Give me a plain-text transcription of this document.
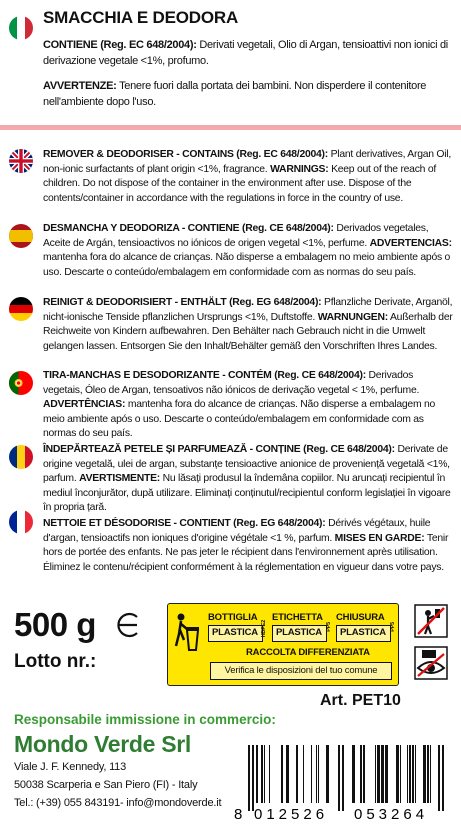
SMACCHIA E DEODORA
CONTIENE (Reg. EC 648/2004): Derivati vegetali, Olio di Argan, tensioattivi non ionici di derivazione vegetale <1%, profumo.
AVVERTENZE: Tenere fuori dalla portata dei bambini. Non disperdere il contenitore nell'ambiente dopo l'uso.
REMOVER & DEODORISER - CONTAINS (Reg. EC 648/2004): Plant derivatives, Argan Oil, non-ionic surfactants of plant origin <1%, fragrance. WARNINGS: Keep out of the reach of children. Do not dispose of the container in the environment after use. Dispose of the contents/container in accordance with the regulations in force in the country of use.
DESMANCHA Y DEODORIZA - CONTIENE (Reg. CE 648/2004): Derivados vegetales, Aceite de Argán, tensioactivos no iónicos de origen vegetal <1%, perfume. ADVERTENCIAS: mantenha fora do alcance de crianças. Não disperse a embalagem no meio ambiente após o uso. Descarte o conteúdo/embalagem em conformidade com as normas do seu país.
REINIGT & DEODORISIERT - ENTHÄLT (Reg. EG 648/2004): Pflanzliche Derivate, Arganöl, nicht-ionische Tenside pflanzlichen Ursprungs <1%, Duftstoffe. WARNUNGEN: Außerhalb der Reichweite von Kindern aufbewahren. Den Behälter nach Gebrauch nicht in die Umwelt gelangen lassen. Entsorgen Sie den Inhalt/Behälter gemäß den Vorschriften Ihres Landes.
TIRA-MANCHAS E DESODORIZANTE - CONTÉM (Reg. CE 648/2004): Derivados vegetais, Óleo de Argan, tensoativos não iónicos de derivação vegetal < 1%, perfume. ADVERTÊNCIAS: mantenha fora do alcance de crianças. Não disperse a embalagem no meio ambiente após o uso. Descarte o conteúdo/embalagem em conformidade com as normas do seu país.
ÎNDEPĂRTEAZĂ PETELE ȘI PARFUMEAZĂ - CONȚINE (Reg. CE 648/2004): Derivate de origine vegetală, ulei de argan, substanțe tensioactive anionice de proveniență vegetală <1%, parfum. AVERTISMENTE: Nu lăsați produsul la îndemâna copiilor. Nu aruncați recipientul în mediul înconjurător, după utilizare. Eliminați conținutul/recipientul conform legislației în vigoare în propria țară.
NETTOIE ET DÉSODORISE - CONTIENT (Reg. EG 648/2004): Dérivés végétaux, huile d'argan, tensioactifs non ioniques d'origine végétale <1 %, parfum. MISES EN GARDE: Tenir hors de portée des enfants. Ne pas jeter le récipient dans l'environnement après utilisation. Éliminez le contenu/récipient conformément à la réglementation en vigueur dans votre pays.
500 g
Lotto nr.:
BOTTIGLIA ETICHETTA CHIUSURA
PLASTICA PLASTICA PLASTICA
HDPE2	PP5	PP5
RACCOLTA DIFFERENZIATA
Verifica le disposizioni del tuo comune
Art. PET10
Responsabile immissione in commercio:
Mondo Verde Srl
Viale J. F. Kennedy, 113
50038 Scarperia e San Piero (FI) - Italy
Tel.: (+39) 055 843191- info@mondoverde.it
8 012526 053264
